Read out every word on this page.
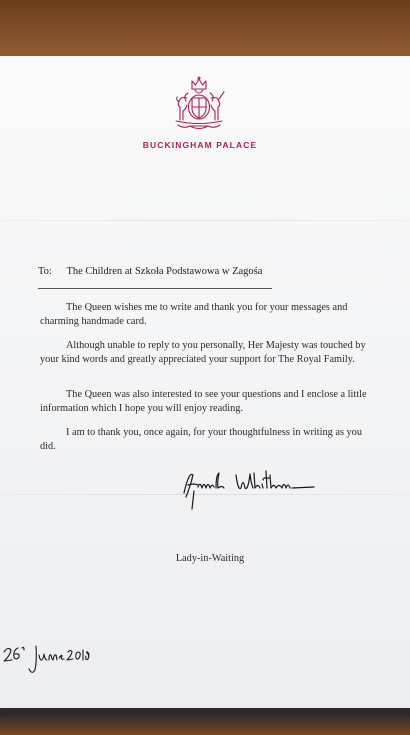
BUCKINGHAM PALACE
To: The Children at Szkoła Podstawowa w Zagośa
The Queen wishes me to write and thank you for your messages and charming handmade card.
Although unable to reply to you personally, Her Majesty was touched by your kind words and greatly appreciated your support for The Royal Family.
The Queen was also interested to see your questions and I enclose a little information which I hope you will enjoy reading.
I am to thank you, once again, for your thoughtfulness in writing as you did.
Lady-in-Waiting
